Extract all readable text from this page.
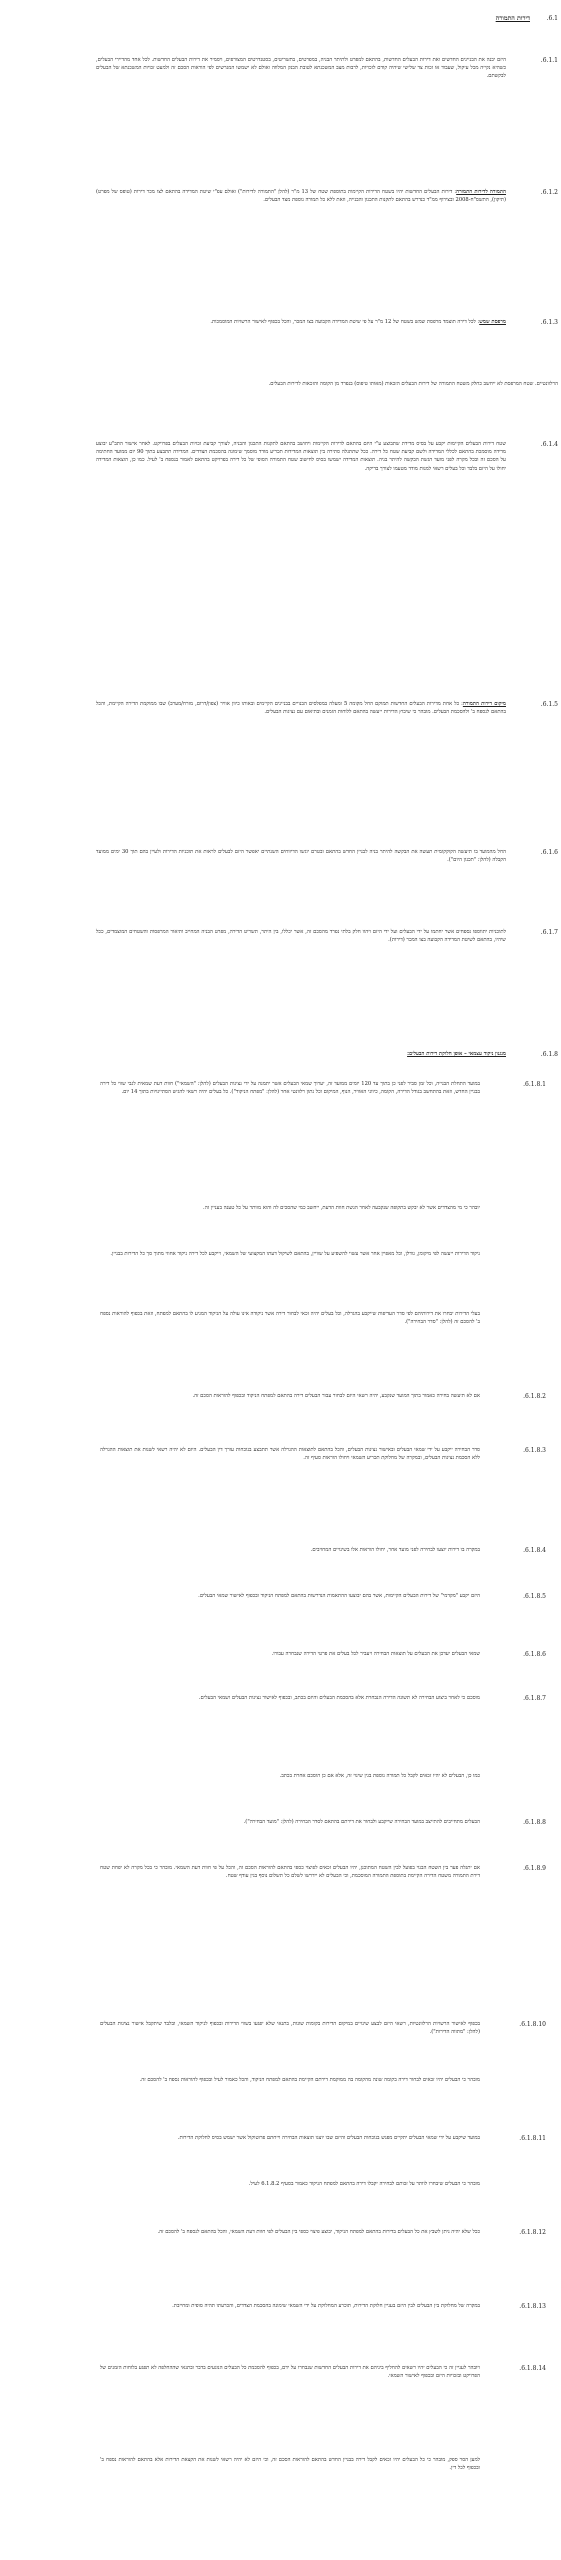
6.1.
דירות התמורה
6.1.1.
היזם יבנה את הבניינים החדשים ואת דירות הבעלים החדשות, בהתאם למפרט ולתיתר הבניה, במפרטים, בתשריטים, בסטנדרטים המצורפים, ויסמיר את דירות הבעלים החדשות. לכל אחד מהדיירי הבעלים, כשהיא נקייה מכל עיקול, שעבוד או זכות צד שלישי שיהיה קודם לזכויות, לרבות מצב המשכנתא לטובת הבנק המלווה ואולם לא ישמשו המגרשים לפי הוראות הסכם זה ולמעט זכויות המשכנתא של הבעלים לבקשתם.
6.1.2.
התמורה לדירות התמורה: דירות הבעלים החדשות יהיו בשטח הדירות הקיימות בתוספת שטח של 13 מ"ר (להלן "התמורה לדירות") ואולם עפ"י שיטת המדידה בהתאם לצו מכר דירות (טופס של מפרט) (תיקון), התשס"ח-2008 ובצירוף ממ"ד כנדרש בהתאם לתקנות התכנון והבנייה, וזאת ללא כל תמורה נוספת מצד הבעלים.
6.1.3.
מרפסת שמש: לכל דירה תוצמד מרפסת שמש בשטח של 12 מ"ר על פי שיטת המדידה הקבועה בצו המכר, והכל בכפוף לאישור הרשויות המוסמכות.
הרלוונטיים. שטח המרפסת לא ייחשב כחלק משטח התמורה של דירות הבעלים הזכאות (מאותו טיפוס) בנפרד מן הקומה והזכאות לדירות הבעלים.
6.1.4.
שטח דירות הבעלים הקיימות יקבע על בסיס מדידת שתבוצע ע"י היזם בהתאם לדירות הקיימות ויחושב בהתאם לתקנות התכנון והבניה, לצורך קביעת זכויות הבעלים בפרויקט. לאחר אישור התב"ע יבוצע מדידה מוסמכת בהתאם לכללי המדידה ולשם קביעת שטח כל דירה. ככל שתתגלה סתירה בין תוצאות המדידות תכריע מודד מוסמך שימונה בהסכמת הצדדים. המדידה תתבצע בתוך 90 יום ממועד החתימה על הסכם זה ובכל מקרה לפני מועד הגשת הבקשה להיתר בניה. תוצאות המדידה ישמשו בסיס לחישוב שטח התמורה הסופי של כל דירה בפרויקט בהתאם לאמור בנספח ב' לעיל. כמו כן, הוצאות המדידה יחולו על היזם בלבד וכל בעלים רשאי למנות מודד מטעמו לצורך בדיקה.
6.1.5.
מיקום דירות התמורה: כל אחת מדירות הבעלים החדשות תמוקם החל מקומה 5 ומעלה במפלסים הבנויים בבניינים הקיימים ובאותו כיוון אוויר (צפון/דרום, מזרח/מערב) שבו ממוקמת הדירה הקיימת, והכל בהתאם לנספח ב' ולהסכמת הבעלים. מובהר כי שיבוץ הדירות ייעשה בהתאם ללוחות הזמנים ובתיאום עם נציגות הבעלים.
6.1.6.
החל מהמועד בו תיעשה הקוקקומית תעשה את הבקשה להיתר בניה לבניין החדש בהתאם ובטרם יוגשו הדיווחים השנתיים יאפשר היזם לבעלים לראות את תוכניות הדירות ולעיין בהם תוך 30 ימים ממועד הקבלה (להלן: "תכנון היום").
6.1.7.
לתוכניות יתווספו נספחים אשר יחתמו על ידי הבעלים ועל ידי היזם ויהוו חלק בלתי נפרד מהסכם זה, אשר יכללו, בין היתר, תשריט הדירה, מפרט הבניה המחייב ותיאור המרפסות והשטחים המוצמדים, ככל שיהיו, בהתאם לשיטת המדידה הקבועה בצו המכר (דירות).
6.1.8.
מנגנון ניקוד עצמאי – אופן חלוקת דירות הבעלים:
6.1.8.1.
במועד התחלת הבנייה, וכל זמן סביר לפני כן בתוך עד 120 יומים ממועד זה, יערוך שמאי הבעלים אשר יתמנה על ידי נציגות הבעלים (להלן: "השמאי") חוות דעת שמאית לגבי שווי כל דירה בבניין החדש, וזאת בהתחשב בגודל הדירה, הקומה, כיווני האוויר, הנוף, המיקום וכל נתון רלוונטי אחר (להלן: "מפתח הניקוד"). כל בעלים יהיה רשאי להגיש הסתייגויות בתוך 14 יום.
יובהר כי מי מהצדדים אשר לא יבקש בתקופה שנקבעה לאחר הגשת חוות הדעת, ייחשב כמי שהסכים לה והוא מוותר על כל טענה בעניין זה.
ניקוד הדירות ייעשה לפי מיקומן, גודלן, וכל מאפיין אחר אשר עשוי להשפיע על שוויין, בהתאם לשיקול דעתו המקצועי של השמאי, וייקבע לכל דירה ניקוד אחוזי מתוך סך כל הדירות בבניין.
בעלי הדירות יבחרו את דירותיהם לפי סדר העדיפות שייקבע בהגרלה, וכל בעלים יהיה זכאי לבחור דירה אשר ניקודה אינו עולה על הניקוד המגיע לו בהתאם למפתח, וזאת בכפוף להוראות נספח ב' להסכם זה (להלן: "סדר הבחירה").
6.1.8.2.
אם לא תיעשה בחירה כאמור בתוך המועד שנקבע, יהיה רשאי היזם לבחור עבור הבעלים דירה בהתאם למפתח הניקוד ובכפוף להוראות הסכם זה.
6.1.8.3.
סדר הבחירה ייקבע על ידי שמאי הבעלים ובאישור נציגות הבעלים, והכל בהתאם לתוצאות ההגרלה אשר תתבצע בנוכחות עורך דין הבעלים. היזם לא יהיה רשאי לשנות את תוצאות ההגרלה ללא הסכמת נציגות הבעלים, ובמקרה של מחלוקת תכריע השמאי ויחולו הוראות סעיף זה.
6.1.8.4.
במקרה בו דירות יוצעו לבחירה לפני מועד אחר, יחולו הוראות אלו בשינויים המחויבים.
6.1.8.5.
היזם יקבע "מקדמי" של דירות הבעלים הקיימות, אשר בהם יבוצעו ההתאמות הנדרשות בהתאם למפתח הניקוד ובכפוף לאישור שמאי הבעלים.
6.1.8.6.
שמאי הבעלים יעדכן את הבעלים על תוצאות הבחירה ויעביר לכל בעלים את פרטי הדירה שנבחרה עבורו.
6.1.8.7.
מוסכם כי לאחר ביצוע הבחירה לא תשונה הדירה הנבחרת אלא בהסכמת הבעלים והיזם בכתב, ובכפוף לאישור נציגות הבעלים ושמאי הבעלים.
כמו כן, הבעלים לא יהיו זכאים לקבל כל תמורה נוספת בגין שינוי זה, אלא אם כן הוסכם אחרת בכתב.
6.1.8.8.
הבעלים מתחייבים להתייצב במועד הבחירה שייקבע ולבחור את דירתם בהתאם לסדר הבחירה (להלן: "מועד הבחירה").
6.1.8.9.
אם יתגלה פער בין השטח הבנוי בפועל לבין השטח המתוכנן, יהיו הבעלים זכאים לפיצוי כספי בהתאם להוראות הסכם זה, והכל על פי חוות דעת השמאי. מובהר כי בכל מקרה לא יפחת שטח דירת התמורה משטח הדירה הקיימת בתוספת התמורה המוסכמת, וכי הבעלים לא יידרשו לשלם כל תשלום נוסף בגין עודף שטח.
6.1.8.10.
בכפוף לאישור הרשויות הרלוונטיות, רשאי היזם לבצע שינויים במיקום הדירות בקומות שונות, בתנאי שלא יפגעו בשווי הדירות ובכפוף לניקוד השמאי, ובלבד שיתקבל אישור נציגות הבעלים (להלן: "מתווה הדירות").
מובהר כי הבעלים יהיו זכאים לבחור דירה בקומה שונה מהקומה בה ממוקמת דירתם הקיימת בהתאם למפתח הניקוד, והכל כאמור לעיל ובכפוף להוראות נספח ב' להסכם זה.
6.1.8.11.
במועד שיקבע על ידי שמאי הבעלים יתקיים מפגש בנוכחות הבעלים והיזם שבו יוצגו תוצאות הבחירה וייחתם פרוטוקול אשר ישמש בסיס לחלוקת הדירות.
מובהר כי הבעלים שיבחרו לוותר על זכותם לבחירה יקבלו דירה בהתאם למפתח הניקוד כאמור בסעיף 6.1.8.2 לעיל.
6.1.8.12.
ככל שלא יהיה ניתן לשבץ את כל הבעלים בדירות בהתאם למפתח הניקוד, יבוצע פיצוי כספי בין הבעלים לפי חוות דעת השמאי, והכל בהתאם לנספח ב' להסכם זה.
6.1.8.13.
במקרה של מחלוקת בין הבעלים לבין היזם בעניין חלוקת הדירות, תוכרע המחלוקת על ידי השמאי שימונה בהסכמת הצדדים, והכרעתו תהיה סופית ומחייבת.
6.1.8.14.
ויובהר לעניין זה כי הבעלים יהיו רשאים להחליף ביניהם את דירות הבעלים החדשות שנבחרו על ידם, בכפוף להסכמת כל הבעלים הנוגעים בדבר ובתנאי שההחלפה לא תפגע בלוחות הזמנים של הפרויקט ובזכויות היזם ובכפוף לאישור השמאי.
למען הסר ספק, מובהר כי כל הבעלים יהיו זכאים לקבל דירה בבניין החדש בהתאם להוראות הסכם זה, וכי היזם לא יהיה רשאי לשנות את הקצאת הדירות אלא בהתאם להוראות נספח ב' ובכפוף לכל דין.
